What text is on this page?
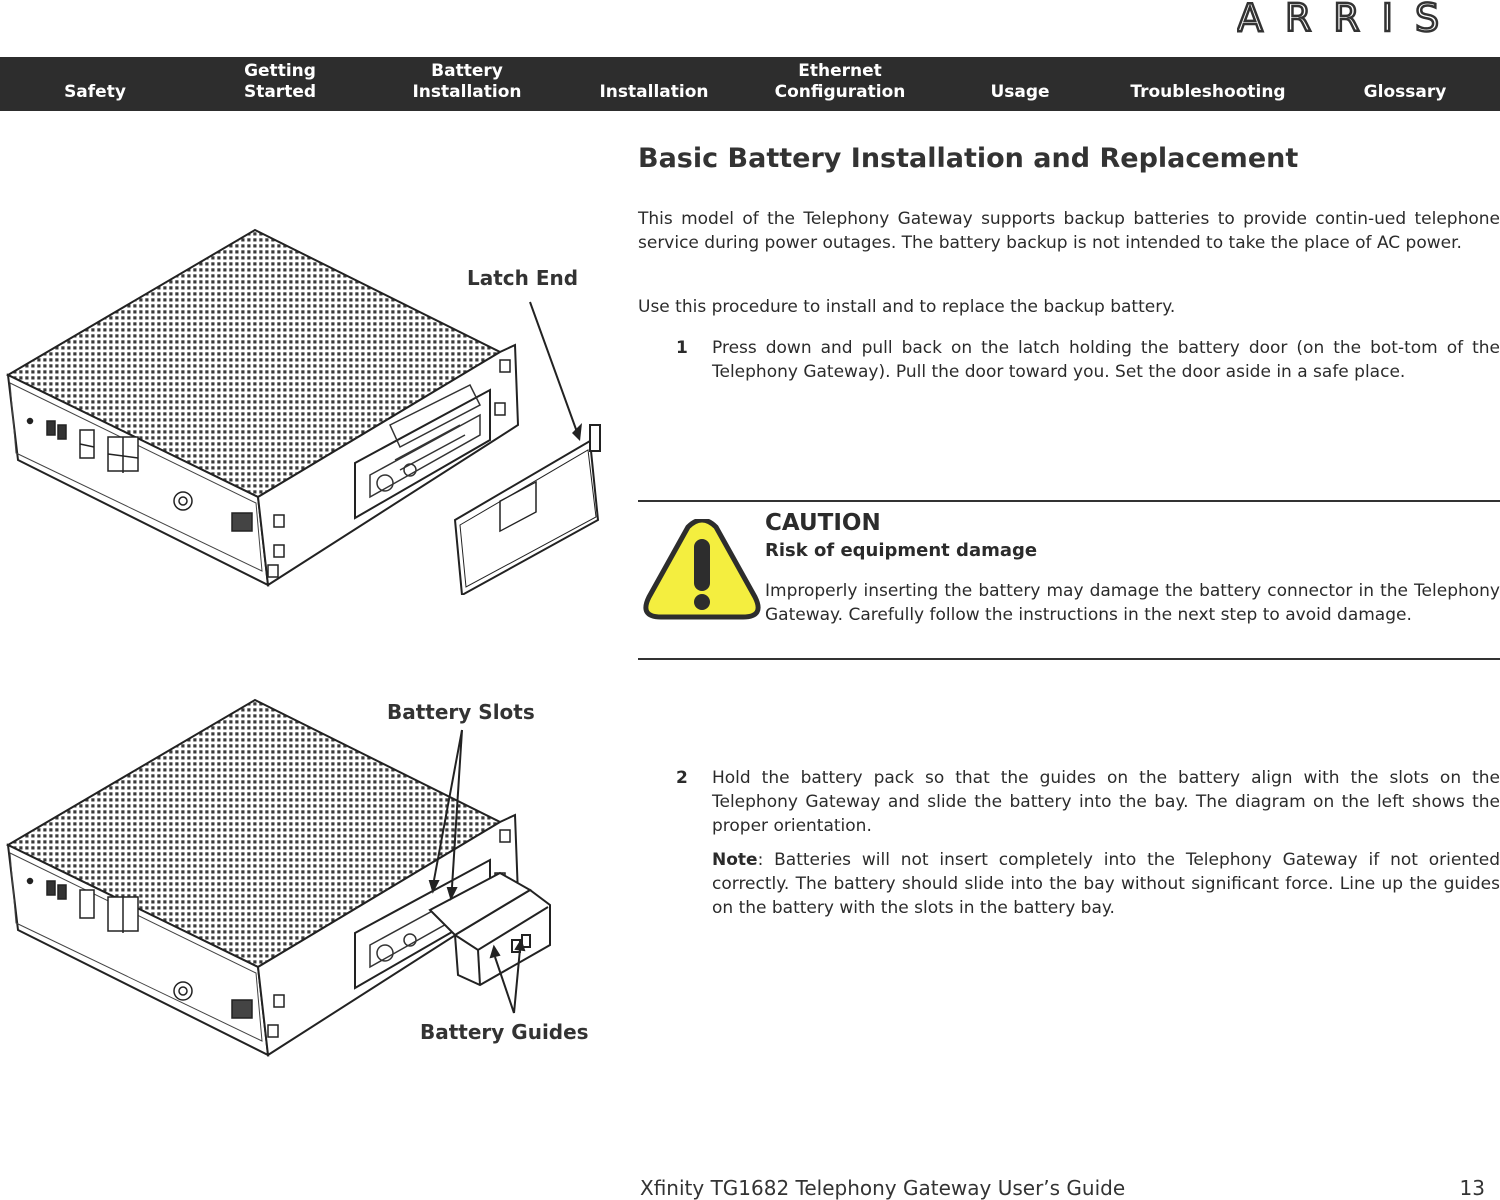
ARRIS
Safety
Getting
Started
Battery
Installation	Installation
Ethernet
Configuration	Usage	Troubleshooting	Glossary
Basic Battery Installation and Replacement

This model of the Telephony Gateway supports backup batteries to provide contin-ued telephone service during power outages. The battery backup is not intended to take the place of AC power.

Use this procedure to install and to replace the backup battery.

1 Press down and pull back on the latch holding the battery door (on the bot-tom of the Telephony Gateway). Pull the door toward you. Set the door aside in a safe place.

CAUTION
Risk of equipment damage

Improperly inserting the battery may damage the battery connector in the Telephony Gateway. Carefully follow the instructions in the next step to avoid damage.

2 Hold the battery pack so that the guides on the battery align with the slots on the Telephony Gateway and slide the battery into the bay. The diagram on the left shows the proper orientation.

Note: Batteries will not insert completely into the Telephony Gateway if not oriented correctly. The battery should slide into the bay without significant force. Line up the guides on the battery with the slots in the battery bay.

Latch End
Battery Slots
Battery Guides
Xfinity TG1682 Telephony Gateway User’s Guide	13
